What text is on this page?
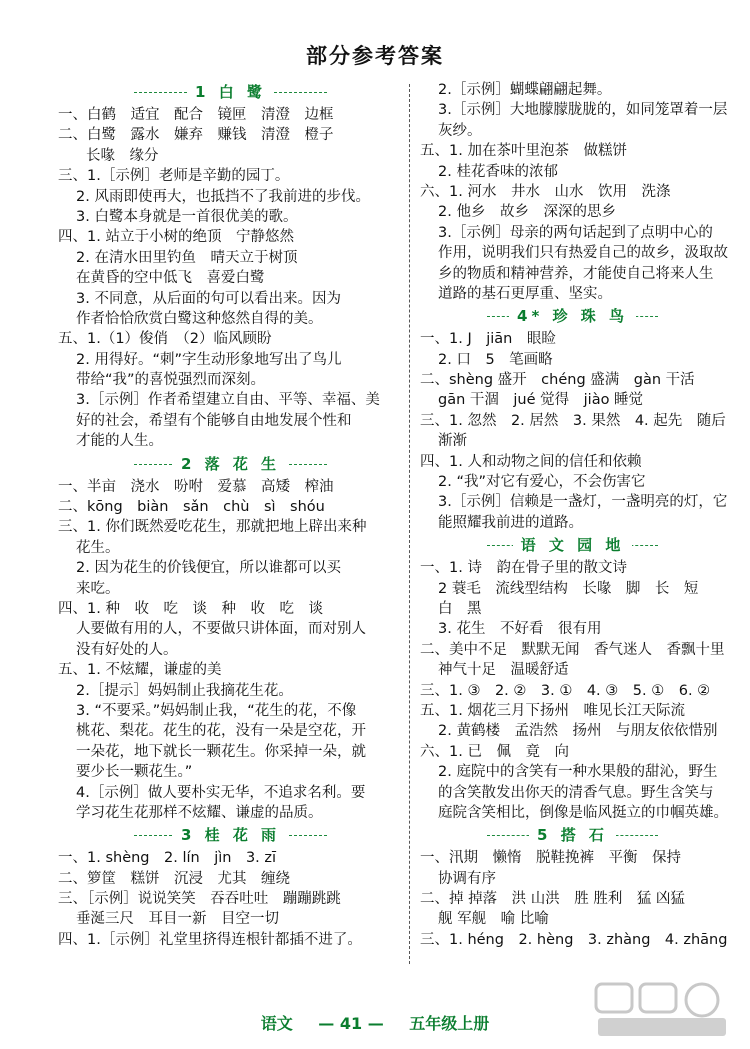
部分参考答案
1 白 鹭
一、白鹤　适宜　配合　镜匣　清澄　边框
二、白鹭　露水　嫌弃　赚钱　清澄　橙子
长喙　缘分
三、1.［示例］老师是辛勤的园丁。
2. 风雨即使再大，也抵挡不了我前进的步伐。
3. 白鹭本身就是一首很优美的歌。
四、1. 站立于小树的绝顶　宁静悠然
2. 在清水田里钓鱼　晴天立于树顶
在黄昏的空中低飞　喜爱白鹭
3. 不同意，从后面的句可以看出来。因为
作者恰恰欣赏白鹭这种悠然自得的美。
五、1.（1）俊俏　（2）临风顾盼
2. 用得好。“刺”字生动形象地写出了鸟儿
带给“我”的喜悦强烈而深刻。
3.［示例］作者希望建立自由、平等、幸福、美
好的社会，希望有个能够自由地发展个性和
才能的人生。
2 落 花 生
一、半亩　浇水　吩咐　爱慕　高矮　榨油
二、kōng　biàn　sǎn　chù　sì　shóu
三、1. 你们既然爱吃花生，那就把地上辟出来种
花生。
2. 因为花生的价钱便宜，所以谁都可以买
来吃。
四、1. 种　收　吃　谈　种　收　吃　谈
人要做有用的人，不要做只讲体面，而对别人
没有好处的人。
五、1. 不炫耀，谦虚的美
2.［提示］妈妈制止我摘花生花。
3. “不要采。”妈妈制止我，“花生的花，不像
桃花、梨花。花生的花，没有一朵是空花，开
一朵花，地下就长一颗花生。你采掉一朵，就
要少长一颗花生。”
4.［示例］做人要朴实无华，不追求名利。要
学习花生花那样不炫耀、谦虚的品质。
3 桂 花 雨
一、1. shèng　2. lín　jìn　3. zī
二、箩筐　糕饼　沉浸　尤其　缠绕
三、［示例］说说笑笑　吞吞吐吐　蹦蹦跳跳
垂涎三尺　耳目一新　目空一切
四、1.［示例］礼堂里挤得连根针都插不进了。
2.［示例］蝴蝶翩翩起舞。
3.［示例］大地朦朦胧胧的，如同笼罩着一层
灰纱。
五、1. 加在茶叶里泡茶　做糕饼
2. 桂花香味的浓郁
六、1. 河水　井水　山水　饮用　洗涤
2. 他乡　故乡　深深的思乡
3.［示例］母亲的两句话起到了点明中心的
作用，说明我们只有热爱自己的故乡，汲取故
乡的物质和精神营养，才能使自己将来人生
道路的基石更厚重、坚实。
4* 珍 珠 鸟
一、1. J　jiān　眼睑
2. 口　5　笔画略
二、shèng 盛开　chéng 盛满　gàn 干活
gān 干涸　jué 觉得　jiào 睡觉
三、1. 忽然　2. 居然　3. 果然　4. 起先　随后
渐渐
四、1. 人和动物之间的信任和依赖
2. “我”对它有爱心，不会伤害它
3.［示例］信赖是一盏灯，一盏明亮的灯，它
能照耀我前进的道路。
语 文 园 地
一、1. 诗　韵在骨子里的散文诗
2 蓑毛　流线型结构　长喙　脚　长　短
白　黑
3. 花生　不好看　很有用
二、美中不足　默默无闻　香气迷人　香飘十里
神气十足　温暖舒适
三、1. ③　2. ②　3. ①　4. ③　5. ①　6. ②
五、1. 烟花三月下扬州　唯见长江天际流
2. 黄鹤楼　孟浩然　扬州　与朋友依依惜别
六、1. 已　佩　竟　向
2. 庭院中的含笑有一种水果般的甜沁，野生
的含笑散发出你天的清香气息。野生含笑与
庭院含笑相比，倒像是临风挺立的巾帼英雄。
5 搭 石
一、汛期　懒惰　脱鞋挽裤　平衡　保持
协调有序
二、掉 掉落　洪 山洪　胜 胜利　猛 凶猛
舰 军舰　喻 比喻
三、1. héng　2. hèng　3. zhàng　4. zhāng
语文 — 41 — 五年级上册
